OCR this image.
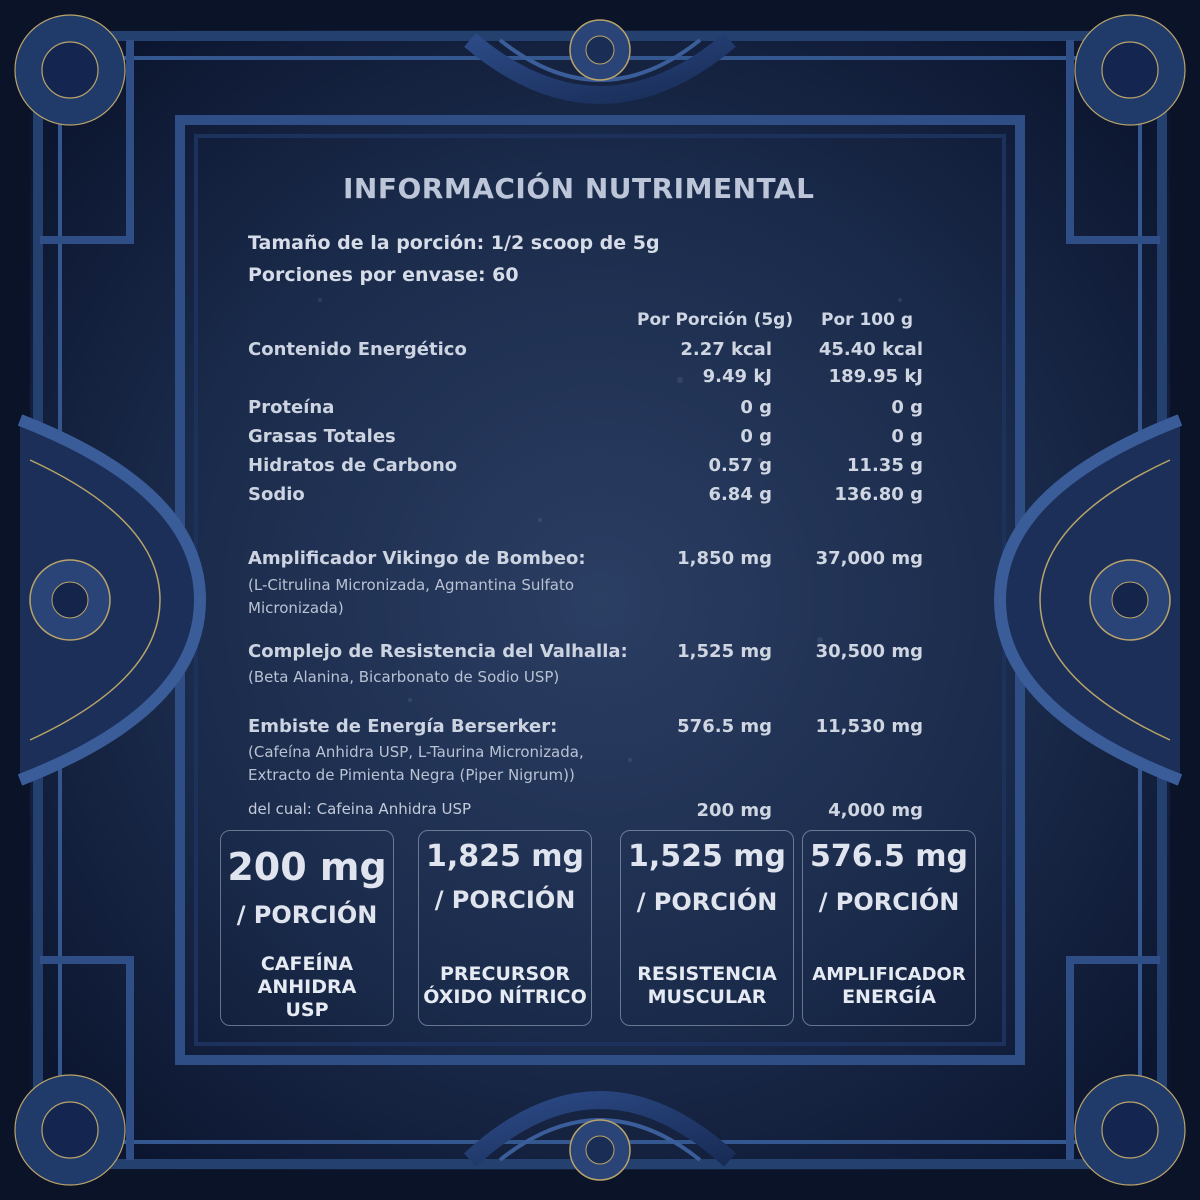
INFORMACIÓN NUTRIMENTAL
Tamaño de la porción: 1/2 scoop de 5g
Porciones por envase: 60
Por Porción (5g) Por 100 g
Contenido Energético	2.27 kcal	45.40 kcal
9.49 kJ	189.95 kJ
Proteína	0 g	0 g
Grasas Totales	0 g	0 g
Hidratos de Carbono	0.57 g	11.35 g
Sodio	6.84 g	136.80 g
Amplificador Vikingo de Bombeo:	1,850 mg 37,000 mg
(L-Citrulina Micronizada, Agmantina Sulfato
Micronizada)
Complejo de Resistencia del Valhalla:	1,525 mg 30,500 mg
(Beta Alanina, Bicarbonato de Sodio USP)
Embiste de Energía Berserker:	576.5 mg 11,530 mg
(Cafeína Anhidra USP, L-Taurina Micronizada,
Extracto de Pimienta Negra (Piper Nigrum))
del cual: Cafeina Anhidra USP	200 mg	4,000 mg
200 mg
/ PORCIÓN
CAFEÍNA
ANHIDRA
USP
1,825 mg
/ PORCIÓN
PRECURSOR
ÓXIDO NÍTRICO
1,525 mg
/ PORCIÓN
RESISTENCIA
MUSCULAR
576.5 mg
/ PORCIÓN
AMPLIFICADOR
ENERGÍA
